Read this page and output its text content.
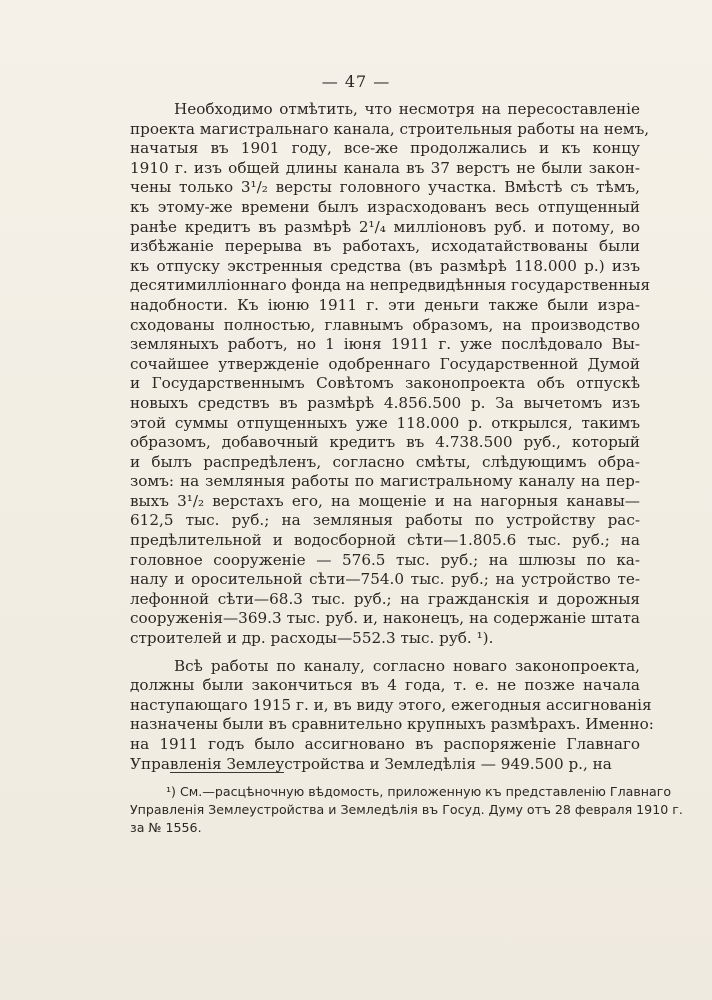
— 47 —

Необходимо отмѣтить, что несмотря на пересоставленіе
проекта магистральнаго канала, строительныя работы на немъ,
начатыя въ 1901 году, все-же продолжались и къ концу
1910 г. изъ общей длины канала въ 37 верстъ не были закон-
чены только 3¹/₂ версты головного участка. Вмѣстѣ съ тѣмъ,
къ этому-же времени былъ израсходованъ весь отпущенный
ранѣе кредитъ въ размѣрѣ 2¹/₄ милліоновъ руб. и потому, во
избѣжаніе перерыва въ работахъ, исходатайствованы были
къ отпуску экстренныя средства (въ размѣрѣ 118.000 р.) изъ
десятимилліоннаго фонда на непредвидѣнныя государственныя
надобности. Къ іюню 1911 г. эти деньги также были изра-
сходованы полностью, главнымъ образомъ, на производство
земляныхъ работъ, но 1 іюня 1911 г. уже послѣдовало Вы-
сочайшее утвержденіе одобреннаго Государственной Думой
и Государственнымъ Совѣтомъ законопроекта объ отпускѣ
новыхъ средствъ въ размѣрѣ 4.856.500 р. За вычетомъ изъ
этой суммы отпущенныхъ уже 118.000 р. открылся, такимъ
образомъ, добавочный кредитъ въ 4.738.500 руб., который
и былъ распредѣленъ, согласно смѣты, слѣдующимъ обра-
зомъ: на земляныя работы по магистральному каналу на пер-
выхъ 3¹/₂ верстахъ его, на мощеніе и на нагорныя канавы—
612,5 тыс. руб.; на земляныя работы по устройству рас-
предѣлительной и водосборной сѣти—1.805.6 тыс. руб.; на
головное сооруженіе — 576.5 тыс. руб.; на шлюзы по ка-
налу и оросительной сѣти—754.0 тыс. руб.; на устройство те-
лефонной сѣти—68.3 тыс. руб.; на гражданскія и дорожныя
сооруженія—369.3 тыс. руб. и, наконецъ, на содержаніе штата
строителей и др. расходы—552.3 тыс. руб. ¹).

Всѣ работы по каналу, согласно новаго законопроекта,
должны были закончиться въ 4 года, т. е. не позже начала
наступающаго 1915 г. и, въ виду этого, ежегодныя ассигнованія
назначены были въ сравнительно крупныхъ размѣрахъ. Именно:
на 1911 годъ было ассигновано въ распоряженіе Главнаго
Управленія Землеустройства и Земледѣлія — 949.500 р., на

¹) См.—расцѣночную вѣдомость, приложенную къ представленію Главнаго
Управленія Землеустройства и Земледѣлія въ Госуд. Думу отъ 28 февраля 1910 г.
за № 1556.
